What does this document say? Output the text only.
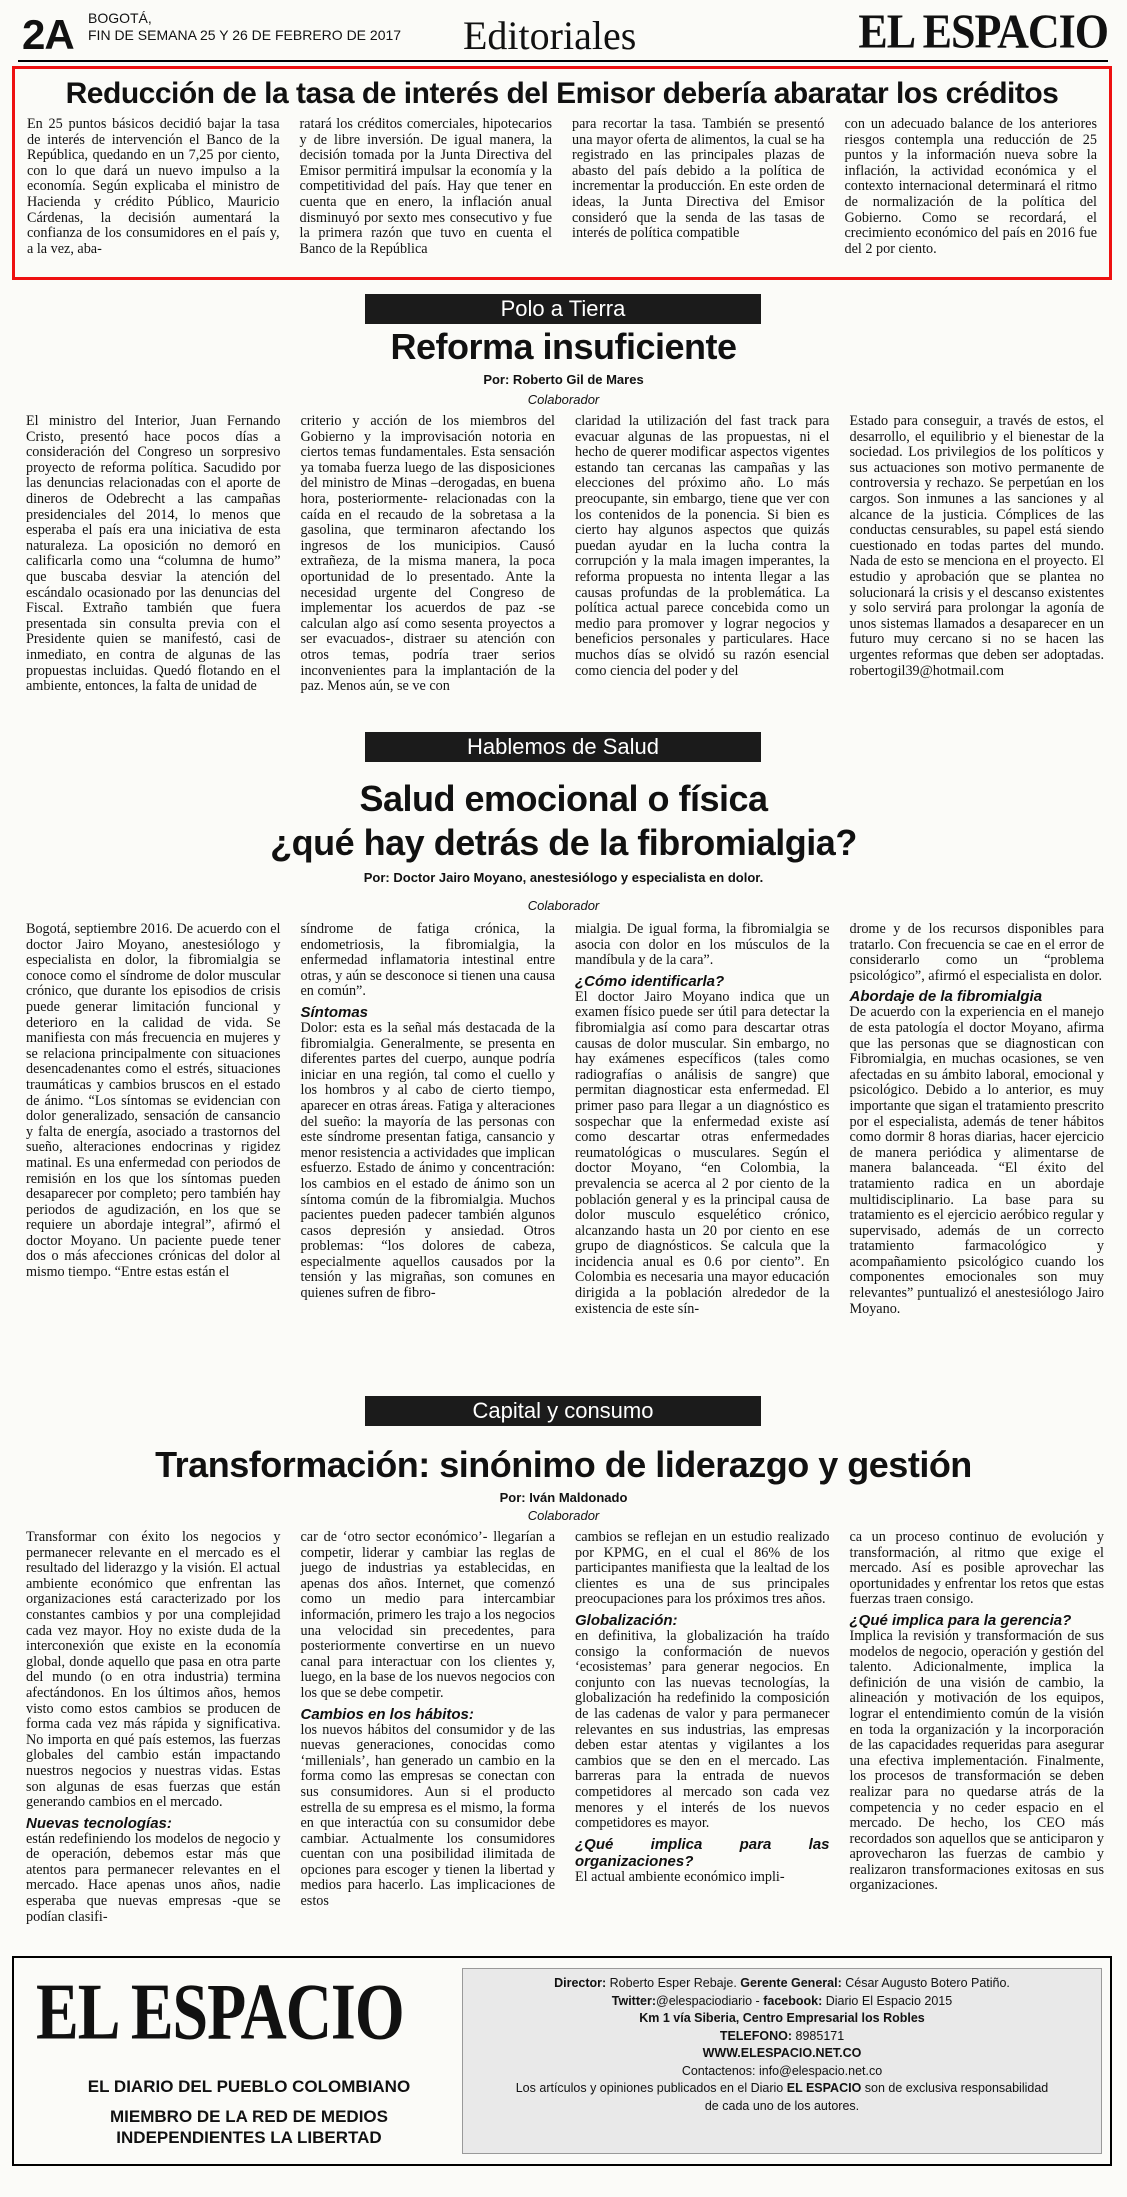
2A BOGOTÁ,
FIN DE SEMANA 25 Y 26 DE FEBRERO DE 2017 Editoriales	EL ESPACIO
Reducción de la tasa de interés del Emisor debería abaratar los créditos
En 25 puntos básicos decidió bajar la tasa de interés de intervención el Banco de la República, quedando en un 7,25 por ciento, con lo que dará un nuevo impulso a la economía. Según explicaba el ministro de Hacienda y crédito Público, Mauricio Cárdenas, la decisión aumentará la confianza de los consumidores en el país y, a la vez, aba-
ratará los créditos comerciales, hipotecarios y de libre inversión. De igual manera, la decisión tomada por la Junta Directiva del Emisor permitirá impulsar la economía y la competitividad del país. Hay que tener en cuenta que en enero, la inflación anual disminuyó por sexto mes consecutivo y fue la primera razón que tuvo en cuenta el Banco de la República
para recortar la tasa. También se presentó una mayor oferta de alimentos, la cual se ha registrado en las principales plazas de abasto del país debido a la política de incrementar la producción. En este orden de ideas, la Junta Directiva del Emisor consideró que la senda de las tasas de interés de política compatible
con un adecuado balance de los anteriores riesgos contempla una reducción de 25 puntos y la información nueva sobre la inflación, la actividad económica y el contexto internacional determinará el ritmo de normalización de la política del Gobierno. Como se recordará, el crecimiento económico del país en 2016 fue del 2 por ciento.
Polo a Tierra
Reforma insuficiente
Por: Roberto Gil de Mares
Colaborador
El ministro del Interior, Juan Fernando Cristo, presentó hace pocos días a consideración del Congreso un sorpresivo proyecto de reforma política. Sacudido por las denuncias relacionadas con el aporte de dineros de Odebrecht a las campañas presidenciales del 2014, lo menos que esperaba el país era una iniciativa de esta naturaleza. La oposición no demoró en calificarla como una “columna de humo” que buscaba desviar la atención del escándalo ocasionado por las denuncias del Fiscal. Extraño también que fuera presentada sin consulta previa con el Presidente quien se manifestó, casi de inmediato, en contra de algunas de las propuestas incluidas. Quedó flotando en el ambiente, entonces, la falta de unidad de
criterio y acción de los miembros del Gobierno y la improvisación notoria en ciertos temas fundamentales. Esta sensación ya tomaba fuerza luego de las disposiciones del ministro de Minas –derogadas, en buena hora, posteriormente- relacionadas con la caída en el recaudo de la sobretasa a la gasolina, que terminaron afectando los ingresos de los municipios. Causó extrañeza, de la misma manera, la poca oportunidad de lo presentado. Ante la necesidad urgente del Congreso de implementar los acuerdos de paz -se calculan algo así como sesenta proyectos a ser evacuados-, distraer su atención con otros temas, podría traer serios inconvenientes para la implantación de la paz. Menos aún, se ve con
claridad la utilización del fast track para evacuar algunas de las propuestas, ni el hecho de querer modificar aspectos vigentes estando tan cercanas las campañas y las elecciones del próximo año. Lo más preocupante, sin embargo, tiene que ver con los contenidos de la ponencia. Si bien es cierto hay algunos aspectos que quizás puedan ayudar en la lucha contra la corrupción y la mala imagen imperantes, la reforma propuesta no intenta llegar a las causas profundas de la problemática. La política actual parece concebida como un medio para promover y lograr negocios y beneficios personales y particulares. Hace muchos días se olvidó su razón esencial como ciencia del poder y del
Estado para conseguir, a través de estos, el desarrollo, el equilibrio y el bienestar de la sociedad. Los privilegios de los políticos y sus actuaciones son motivo permanente de controversia y rechazo. Se perpetúan en los cargos. Son inmunes a las sanciones y al alcance de la justicia. Cómplices de las conductas censurables, su papel está siendo cuestionado en todas partes del mundo. Nada de esto se menciona en el proyecto. El estudio y aprobación que se plantea no solucionará la crisis y el descanso existentes y solo servirá para prolongar la agonía de unos sistemas llamados a desaparecer en un futuro muy cercano si no se hacen las urgentes reformas que deben ser adoptadas. robertogil39@hotmail.com
Hablemos de Salud
Salud emocional o física
¿qué hay detrás de la fibromialgia?
Por: Doctor Jairo Moyano, anestesiólogo y especialista en dolor.
Colaborador

Bogotá, septiembre 2016. De acuerdo con el doctor Jairo Moyano, anestesiólogo y especialista en dolor, la fibromialgia se conoce como el síndrome de dolor muscular crónico, que durante los episodios de crisis puede generar limitación funcional y deterioro en la calidad de vida. Se manifiesta con más frecuencia en mujeres y se relaciona principalmente con situaciones desencadenantes como el estrés, situaciones traumáticas y cambios bruscos en el estado de ánimo. “Los síntomas se evidencian con dolor generalizado, sensación de cansancio y falta de energía, asociado a trastornos del sueño, alteraciones endocrinas y rigidez matinal. Es una enfermedad con periodos de remisión en los que los síntomas pueden desaparecer por completo; pero también hay periodos de agudización, en los que se requiere un abordaje integral”, afirmó el doctor Moyano. Un paciente puede tener dos o más afecciones crónicas del dolor al mismo tiempo. “Entre estas están el

síndrome de fatiga crónica, la endometriosis, la fibromialgia, la enfermedad inflamatoria intestinal entre otras, y aún se desconoce si tienen una causa en común”.

Síntomas

Dolor: esta es la señal más destacada de la fibromialgia. Generalmente, se presenta en diferentes partes del cuerpo, aunque podría iniciar en una región, tal como el cuello y los hombros y al cabo de cierto tiempo, aparecer en otras áreas. Fatiga y alteraciones del sueño: la mayoría de las personas con este síndrome presentan fatiga, cansancio y menor resistencia a actividades que implican esfuerzo. Estado de ánimo y concentración: los cambios en el estado de ánimo son un síntoma común de la fibromialgia. Muchos pacientes pueden padecer también algunos casos depresión y ansiedad. Otros problemas: “los dolores de cabeza, especialmente aquellos causados por la tensión y las migrañas, son comunes en quienes sufren de fibro-

mialgia. De igual forma, la fibromialgia se asocia con dolor en los músculos de la mandíbula y de la cara”.

¿Cómo identificarla?

El doctor Jairo Moyano indica que un examen físico puede ser útil para detectar la fibromialgia así como para descartar otras causas de dolor muscular. Sin embargo, no hay exámenes específicos (tales como radiografías o análisis de sangre) que permitan diagnosticar esta enfermedad. El primer paso para llegar a un diagnóstico es sospechar que la enfermedad existe así como descartar otras enfermedades reumatológicas o musculares. Según el doctor Moyano, “en Colombia, la prevalencia se acerca al 2 por ciento de la población general y es la principal causa de dolor musculo esquelético crónico, alcanzando hasta un 20 por ciento en ese grupo de diagnósticos. Se calcula que la incidencia anual es 0.6 por ciento”. En Colombia es necesaria una mayor educación dirigida a la población alrededor de la existencia de este sín-

drome y de los recursos disponibles para tratarlo. Con frecuencia se cae en el error de considerarlo como un “problema psicológico”, afirmó el especialista en dolor.

Abordaje de la fibromialgia

De acuerdo con la experiencia en el manejo de esta patología el doctor Moyano, afirma que las personas que se diagnostican con Fibromialgia, en muchas ocasiones, se ven afectadas en su ámbito laboral, emocional y psicológico. Debido a lo anterior, es muy importante que sigan el tratamiento prescrito por el especialista, además de tener hábitos como dormir 8 horas diarias, hacer ejercicio de manera periódica y alimentarse de manera balanceada. “El éxito del tratamiento radica en un abordaje multidisciplinario. La base para su tratamiento es el ejercicio aeróbico regular y supervisado, además de un correcto tratamiento farmacológico y acompañamiento psicológico cuando los componentes emocionales son muy relevantes” puntualizó el anestesiólogo Jairo Moyano.

Capital y consumo
Transformación: sinónimo de liderazgo y gestión
Por: Iván Maldonado
Colaborador

Transformar con éxito los negocios y permanecer relevante en el mercado es el resultado del liderazgo y la visión. El actual ambiente económico que enfrentan las organizaciones está caracterizado por los constantes cambios y por una complejidad cada vez mayor. Hoy no existe duda de la interconexión que existe en la economía global, donde aquello que pasa en otra parte del mundo (o en otra industria) termina afectándonos. En los últimos años, hemos visto como estos cambios se producen de forma cada vez más rápida y significativa. No importa en qué país estemos, las fuerzas globales del cambio están impactando nuestros negocios y nuestras vidas. Estas son algunas de esas fuerzas que están generando cambios en el mercado.

Nuevas tecnologías:

están redefiniendo los modelos de negocio y de operación, debemos estar más que atentos para permanecer relevantes en el mercado. Hace apenas unos años, nadie esperaba que nuevas empresas -que se podían clasifi-

car de ‘otro sector económico’- llegarían a competir, liderar y cambiar las reglas de juego de industrias ya establecidas, en apenas dos años. Internet, que comenzó como un medio para intercambiar información, primero les trajo a los negocios una velocidad sin precedentes, para posteriormente convertirse en un nuevo canal para interactuar con los clientes y, luego, en la base de los nuevos negocios con los que se debe competir.

Cambios en los hábitos:

los nuevos hábitos del consumidor y de las nuevas generaciones, conocidas como ‘millenials’, han generado un cambio en la forma como las empresas se conectan con sus consumidores. Aun si el producto estrella de su empresa es el mismo, la forma en que interactúa con su consumidor debe cambiar. Actualmente los consumidores cuentan con una posibilidad ilimitada de opciones para escoger y tienen la libertad y medios para hacerlo. Las implicaciones de estos

cambios se reflejan en un estudio realizado por KPMG, en el cual el 86% de los participantes manifiesta que la lealtad de los clientes es una de sus principales preocupaciones para los próximos tres años.

Globalización:

en definitiva, la globalización ha traído consigo la conformación de nuevos ‘ecosistemas’ para generar negocios. En conjunto con las nuevas tecnologías, la globalización ha redefinido la composición de las cadenas de valor y para permanecer relevantes en sus industrias, las empresas deben estar atentas y vigilantes a los cambios que se den en el mercado. Las barreras para la entrada de nuevos competidores al mercado son cada vez menores y el interés de los nuevos competidores es mayor.

¿Qué implica para las organizaciones?

El actual ambiente económico impli-

ca un proceso continuo de evolución y transformación, al ritmo que exige el mercado. Así es posible aprovechar las oportunidades y enfrentar los retos que estas fuerzas traen consigo.

¿Qué implica para la gerencia?

Implica la revisión y transformación de sus modelos de negocio, operación y gestión del talento. Adicionalmente, implica la definición de una visión de cambio, la alineación y motivación de los equipos, lograr el entendimiento común de la visión en toda la organización y la incorporación de las capacidades requeridas para asegurar una efectiva implementación. Finalmente, los procesos de transformación se deben realizar para no quedarse atrás de la competencia y no ceder espacio en el mercado. De hecho, los CEO más recordados son aquellos que se anticiparon y aprovecharon las fuerzas de cambio y realizaron transformaciones exitosas en sus organizaciones.

EL ESPACIO
EL DIARIO DEL PUEBLO COLOMBIANO
MIEMBRO DE LA RED DE MEDIOS
INDEPENDIENTES LA LIBERTAD
Director: Roberto Esper Rebaje. Gerente General: César Augusto Botero Patiño.
Twitter:@elespaciodiario - facebook: Diario El Espacio 2015
Km 1 vía Siberia, Centro Empresarial los Robles
TELEFONO: 8985171
WWW.ELESPACIO.NET.CO
Contactenos: info@elespacio.net.co
Los artículos y opiniones publicados en el Diario EL ESPACIO son de exclusiva responsabilidad
de cada uno de los autores.
